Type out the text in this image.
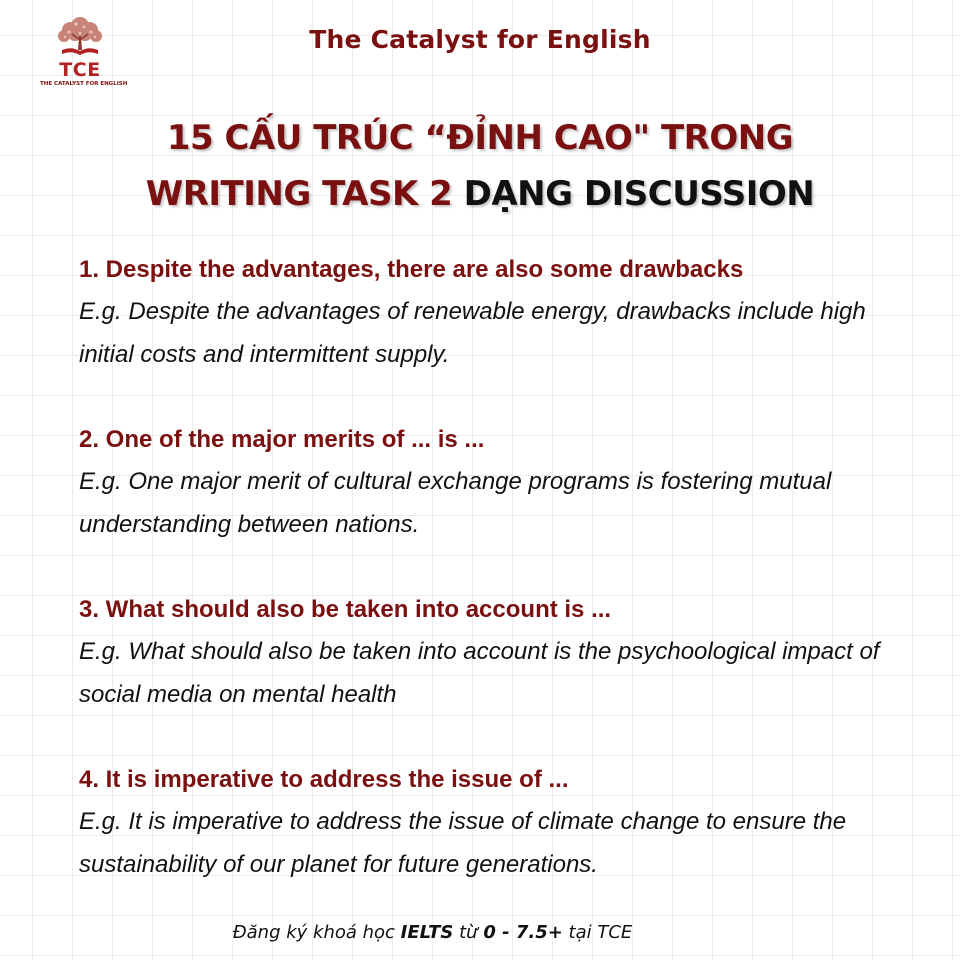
TCE
THE CATALYST FOR ENGLISH
The Catalyst for English
15 CẤU TRÚC “ĐỈNH CAO" TRONG
WRITING TASK 2 DẠNG DISCUSSION
1. Despite the advantages, there are also some drawbacks
E.g. Despite the advantages of renewable energy, drawbacks include high initial costs and intermittent supply.
2. One of the major merits of ... is ...
E.g. One major merit of cultural exchange programs is fostering mutual understanding between nations.
3. What should also be taken into account is ...
E.g. What should also be taken into account is the psychoological impact of social media on mental health
4. It is imperative to address the issue of ...
E.g. It is imperative to address the issue of climate change to ensure the sustainability of our planet for future generations.
Đăng ký khoá học IELTS từ 0 - 7.5+ tại TCE
